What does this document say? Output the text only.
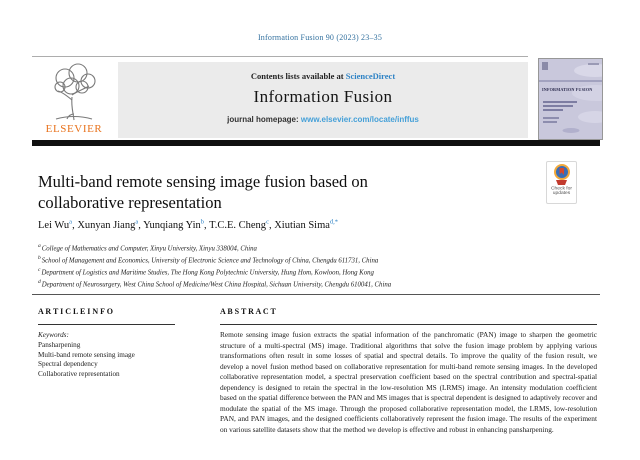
Information Fusion 90 (2023) 23–35
ELSEVIER
Contents lists available at ScienceDirect
Information Fusion
journal homepage: www.elsevier.com/locate/inffus
INFORMATION FUSION
Multi-band remote sensing image fusion based on
collaborative representation
Check for
updates
Lei Wu$^a$, Xunyan Jiang$^a$, Yunqiang Yin$^b$, T.C.E. Cheng$^c$, Xiutian Sima$^{d,*}$
$^a$College of Mathematics and Computer, Xinyu University, Xinyu 338004, China
$^b$School of Management and Economics, University of Electronic Science and Technology of China, Chengdu 611731, China
$^c$Department of Logistics and Maritime Studies, The Hong Kong Polytechnic University, Hung Hom, Kowloon, Hong Kong
$^d$Department of Neurosurgery, West China School of Medicine/West China Hospital, Sichuan University, Chengdu 610041, China
A R T I C L E I N F O
Keywords:
Pansharpening
Multi-band remote sensing image
Spectral dependency
Collaborative representation
A B S T R A C T
Remote sensing image fusion extracts the spatial information of the panchromatic (PAN) image to sharpen the geometric structure of a multi-spectral (MS) image. Traditional algorithms that solve the fusion image problem by applying various transformations often result in some losses of spatial and spectral details. To improve the quality of the fusion result, we develop a novel fusion method based on collaborative representation for multi-band remote sensing images. In the developed collaborative representation model, a spectral preservation coefficient based on the spectral contribution and spectral-spatial dependency is designed to retain the spectral in the low-resolution MS (LRMS) image. An intensity modulation coefficient based on the spatial difference between the PAN and MS images that is spectral dependent is designed to adaptively recover and modulate the spatial of the MS image. Through the proposed collaborative representation model, the LRMS, low-resolution PAN, and PAN images, and the designed coefficients collaboratively represent the fusion image. The results of the experiment on various satellite datasets show that the method we develop is effective and robust in enhancing pansharpening.
